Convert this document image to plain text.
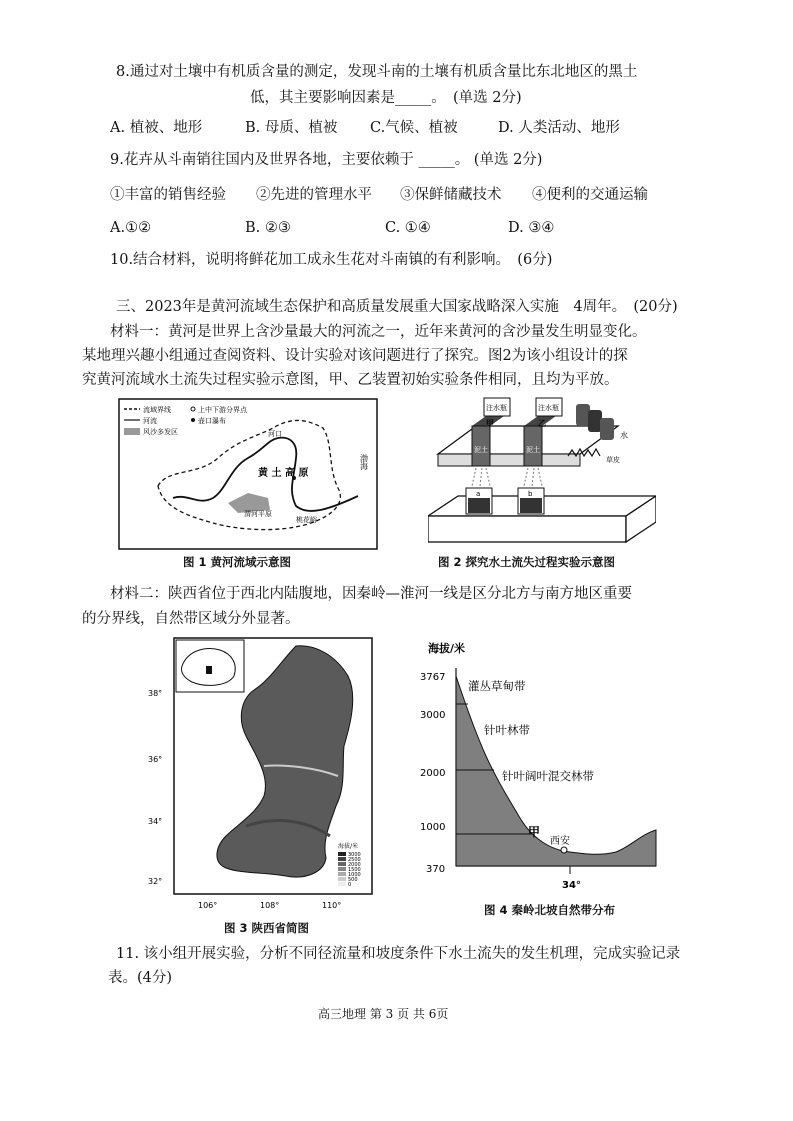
8.通过对土壤中有机质含量的测定，发现斗南的土壤有机质含量比东北地区的黑土
低，其主要影响因素是_____。　(单选 2分)
A. 植被、地形	B. 母质、植被 C.气候、植被	D. 人类活动、地形
9.花卉从斗南销往国内及世界各地，主要依赖于 _____。 (单选 2分)
①丰富的销售经验 ②先进的管理水平 ③保鲜储藏技术 ④便利的交通运输
A.①②	B. ②③	C. ①④	D. ③④
10.结合材料，说明将鲜花加工成永生花对斗南镇的有利影响。　(6分)
三、2023年是黄河流域生态保护和高质量发展重大国家战略深入实施　4周年。　(20分)
材料一：黄河是世界上含沙量最大的河流之一，近年来黄河的含沙量发生明显变化。
某地理兴趣小组通过查阅资料、设计实验对该问题进行了探究。图2为该小组设计的探
究黄河流域水土流失过程实验示意图，甲、乙装置初始实验条件相同，且均为平放。
流域界线	上中下游分界点
河流	壶口瀑布
风沙多发区	河口
黄 土 高 原
渭河平原
桃花峪
渤海
图 1 黄河流域示意图
注水瓶	注水瓶
甲	乙
泥土	泥土
水
草皮
a	b
图 2 探究水土流失过程实验示意图
材料二：陕西省位于西北内陆腹地，因秦岭—淮河一线是区分北方与南方地区重要
的分界线，自然带区域分外显著。
38°
36°
34°
32°
106°	108°	110°
海拔/米
3000
2500
2000
1500
1000
500
0
图 3 陕西省简图
海拔/米
3767
3000
2000
1000
370
灌丛草甸带
针叶林带
针叶阔叶混交林带
甲
西安
34°
图 4 秦岭北坡自然带分布
11. 该小组开展实验，分析不同径流量和坡度条件下水土流失的发生机理，完成实验记录
表。(4分)
高三地理 第 3 页 共 6页
